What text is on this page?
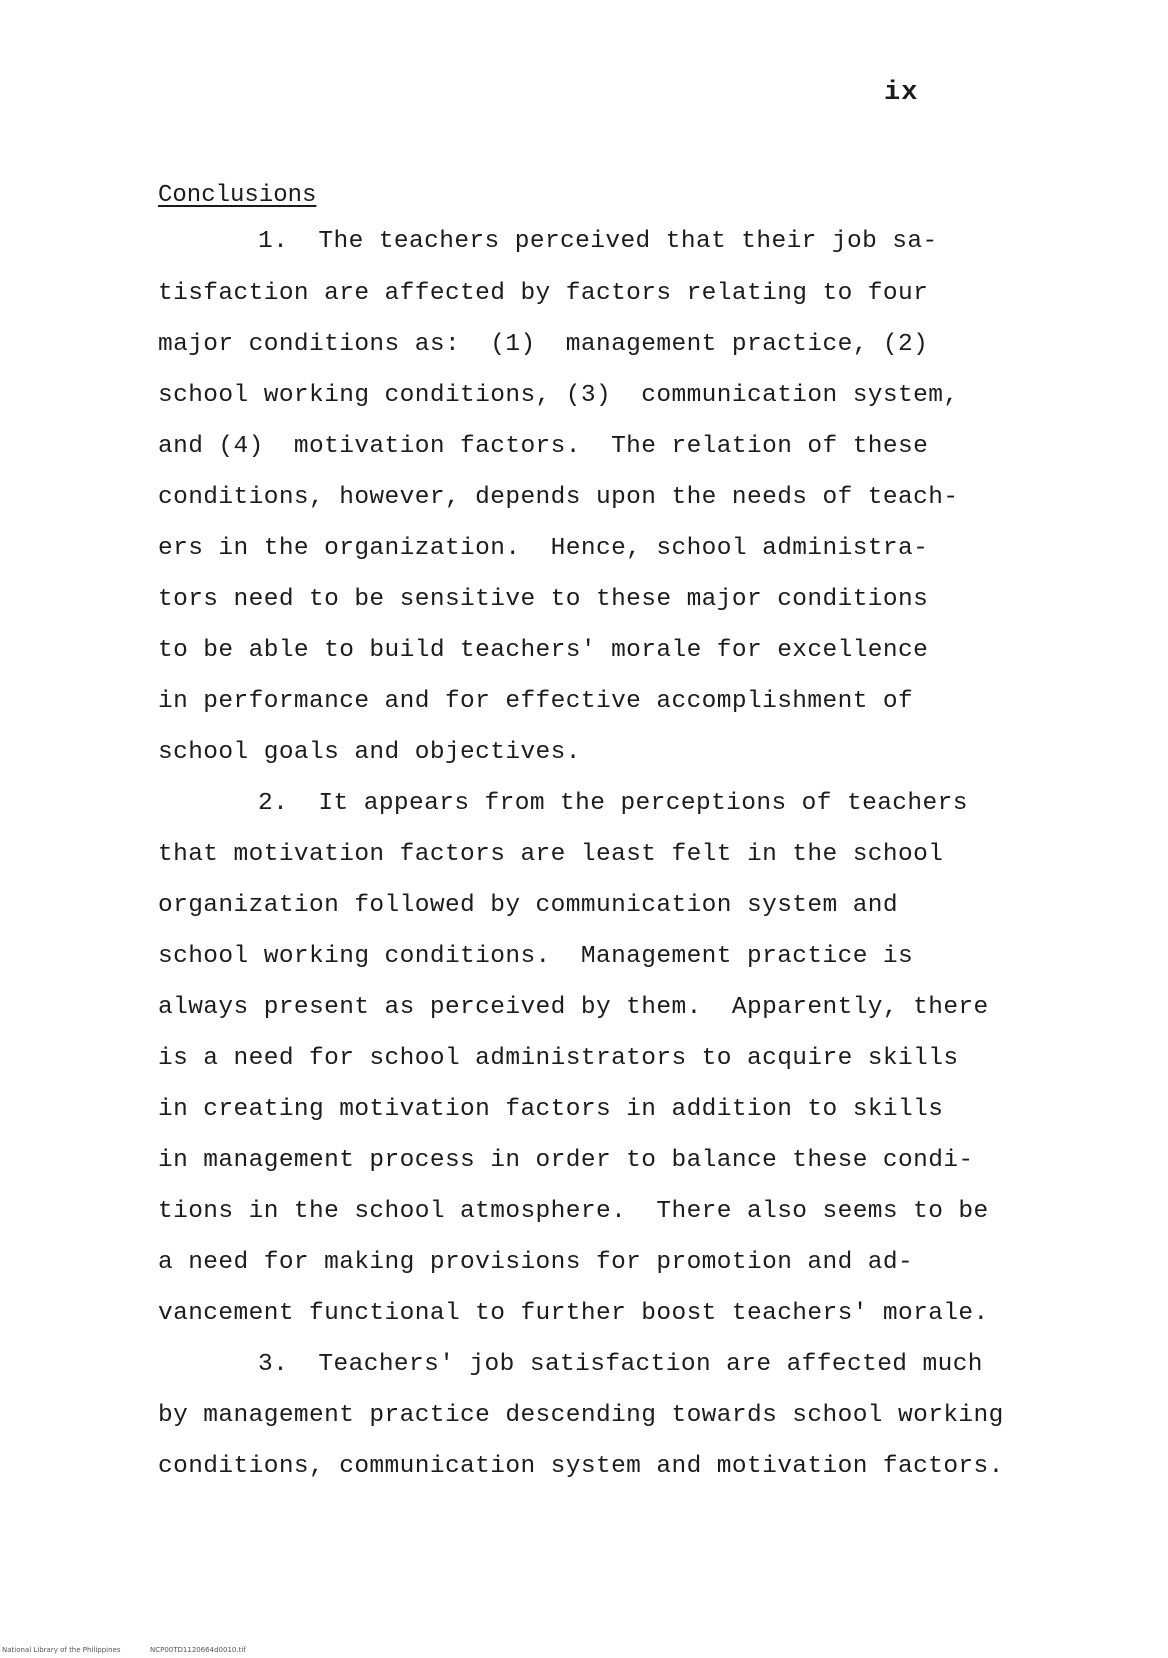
ix
Conclusions
1.  The teachers perceived that their job sa-
tisfaction are affected by factors relating to four
major conditions as:  (1)  management practice, (2)
school working conditions, (3)  communication system,
and (4)  motivation factors.  The relation of these
conditions, however, depends upon the needs of teach-
ers in the organization.  Hence, school administra-
tors need to be sensitive to these major conditions
to be able to build teachers' morale for excellence
in performance and for effective accomplishment of
school goals and objectives.
2.  It appears from the perceptions of teachers
that motivation factors are least felt in the school
organization followed by communication system and
school working conditions.  Management practice is
always present as perceived by them.  Apparently, there
is a need for school administrators to acquire skills
in creating motivation factors in addition to skills
in management process in order to balance these condi-
tions in the school atmosphere.  There also seems to be
a need for making provisions for promotion and ad-
vancement functional to further boost teachers' morale.
3.  Teachers' job satisfaction are affected much
by management practice descending towards school working
conditions, communication system and motivation factors.
National Library of the Philippines	NCP00TD1120664d0010.tif
